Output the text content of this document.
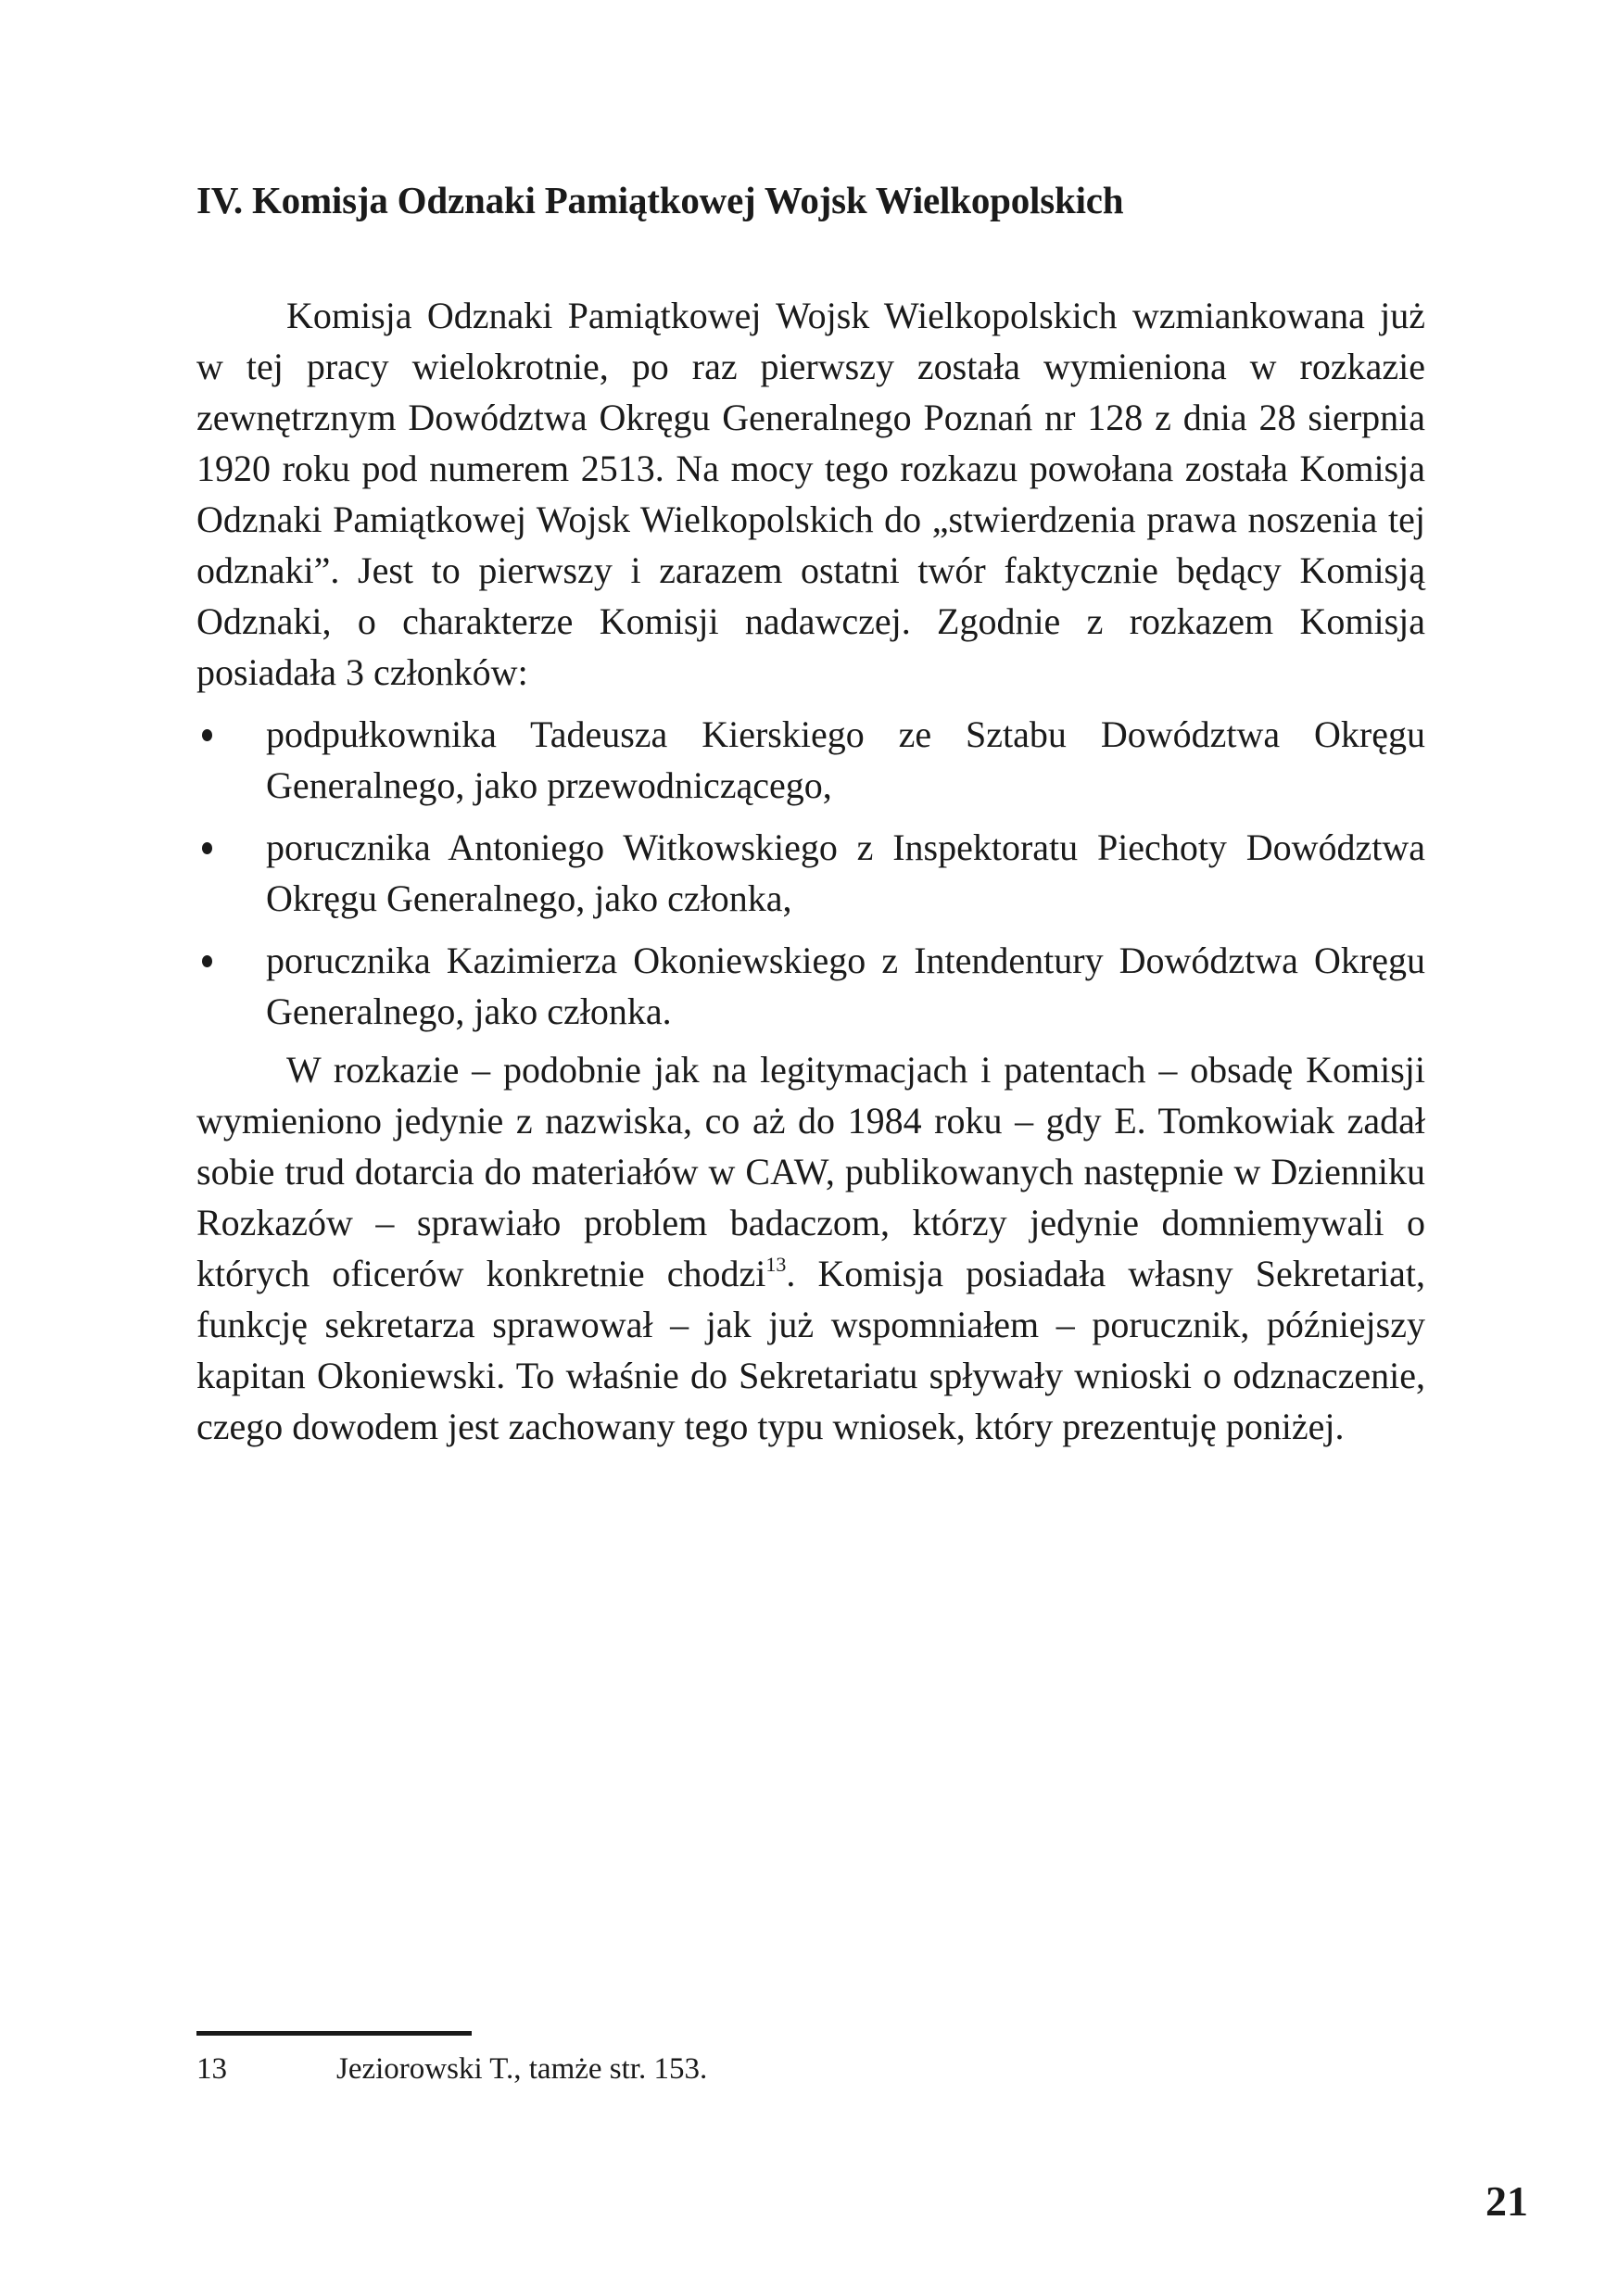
IV. Komisja Odznaki Pamiątkowej Wojsk Wielkopolskich

Komisja Odznaki Pamiątkowej Wojsk Wielkopolskich wzmiankowana już w tej pracy wielokrotnie, po raz pierwszy została wymieniona w rozkazie zewnętrznym Dowództwa Okręgu Generalnego Poznań nr 128 z dnia 28 sierpnia 1920 roku pod numerem 2513. Na mocy tego rozkazu powołana została Komisja Odznaki Pamiątkowej Wojsk Wielkopolskich do „stwierdzenia prawa noszenia tej odznaki”. Jest to pierwszy i zarazem ostatni twór faktycznie będący Komisją Odznaki, o charakterze Komisji nadawczej. Zgodnie z rozkazem Komisja posiadała 3 członków:

podpułkownika Tadeusza Kierskiego ze Sztabu Dowództwa Okręgu Generalnego, jako przewodniczącego,
porucznika Antoniego Witkowskiego z Inspektoratu Piechoty Dowództwa Okręgu Generalnego, jako członka,
porucznika Kazimierza Okoniewskiego z Intendentury Dowództwa Okręgu Generalnego, jako członka.

W rozkazie – podobnie jak na legitymacjach i patentach – obsadę Komisji wymieniono jedynie z nazwiska, co aż do 1984 roku – gdy E. Tomkowiak zadał sobie trud dotarcia do materiałów w CAW, publikowanych następnie w Dzienniku Rozkazów – sprawiało problem badaczom, którzy jedynie domniemywali o których oficerów konkretnie chodzi$^{13}$. Komisja posiadała własny Sekretariat, funkcję sekretarza sprawował – jak już wspomniałem – porucznik, późniejszy kapitan Okoniewski. To właśnie do Sekretariatu spływały wnioski o odznaczenie, czego dowodem jest zachowany tego typu wniosek, który prezentuję poniżej.

13	Jeziorowski T., tamże str. 153.
21
